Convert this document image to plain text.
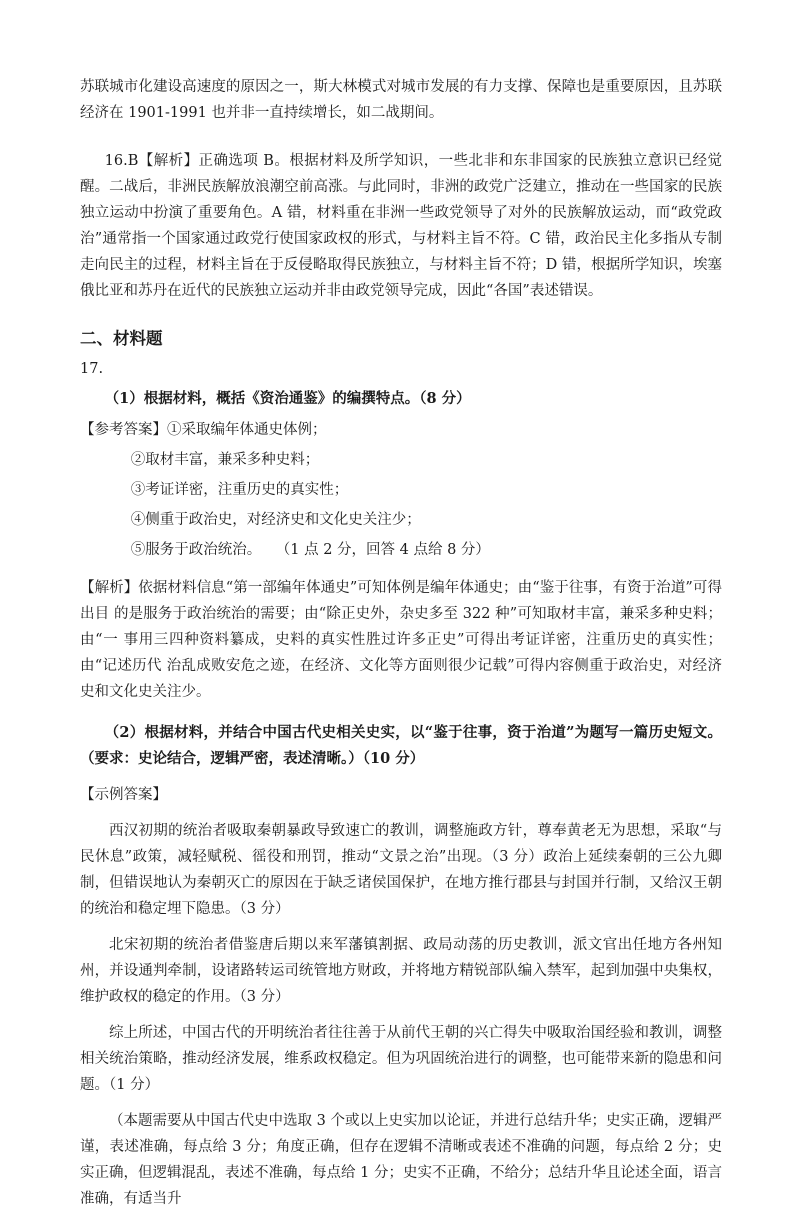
苏联城市化建设高速度的原因之一，斯大林模式对城市发展的有力支撑、保障也是重要原因，且苏联经济在 1901-1991 也并非一直持续增长，如二战期间。

16.B【解析】正确选项 B。根据材料及所学知识，一些北非和东非国家的民族独立意识已经觉醒。二战后，非洲民族解放浪潮空前高涨。与此同时，非洲的政党广泛建立，推动在一些国家的民族独立运动中扮演了重要角色。A 错，材料重在非洲一些政党领导了对外的民族解放运动，而“政党政治”通常指一个国家通过政党行使国家政权的形式，与材料主旨不符。C 错，政治民主化多指从专制走向民主的过程，材料主旨在于反侵略取得民族独立，与材料主旨不符；D 错，根据所学知识，埃塞俄比亚和苏丹在近代的民族独立运动并非由政党领导完成，因此“各国”表述错误。

二、材料题

17.

（1）根据材料，概括《资治通鉴》的编撰特点。（8 分）

【参考答案】①采取编年体通史体例；

②取材丰富，兼采多种史料；

③考证详密，注重历史的真实性；

④侧重于政治史，对经济史和文化史关注少；

⑤服务于政治统治。　　（1 点 2 分，回答 4 点给 8 分）

【解析】依据材料信息“第一部编年体通史”可知体例是编年体通史；由“鉴于往事，有资于治道”可得 出目 的是服务于政治统治的需要；由“除正史外，杂史多至 322 种”可知取材丰富，兼采多种史料；由“一 事用三四种资料纂成，史料的真实性胜过许多正史”可得出考证详密，注重历史的真实性； 由“记述历代 治乱成败安危之迹，在经济、文化等方面则很少记载”可得内容侧重于政治史，对经济史和文化史关注少。

（2）根据材料，并结合中国古代史相关史实，以“鉴于往事，资于治道”为题写一篇历史短文。（要求：史论结合，逻辑严密，表述清晰。）（10 分）

【示例答案】

西汉初期的统治者吸取秦朝暴政导致速亡的教训，调整施政方针，尊奉黄老无为思想，采取“与民休息”政策，减轻赋税、徭役和刑罚，推动“文景之治”出现。（3 分）政治上延续秦朝的三公九卿制，但错误地认为秦朝灭亡的原因在于缺乏诸侯国保护，在地方推行郡县与封国并行制，又给汉王朝的统治和稳定埋下隐患。（3 分）

北宋初期的统治者借鉴唐后期以来军藩镇割据、政局动荡的历史教训，派文官出任地方各州知州，并设通判牵制，设诸路转运司统管地方财政，并将地方精锐部队编入禁军，起到加强中央集权，维护政权的稳定的作用。（3 分）

综上所述，中国古代的开明统治者往往善于从前代王朝的兴亡得失中吸取治国经验和教训，调整相关统治策略，推动经济发展，维系政权稳定。但为巩固统治进行的调整，也可能带来新的隐患和问题。（1 分）

（本题需要从中国古代史中选取 3 个或以上史实加以论证，并进行总结升华；史实正确，逻辑严谨，表述准确，每点给 3 分；角度正确，但存在逻辑不清晰或表述不准确的问题，每点给 2 分；史实正确，但逻辑混乱，表述不准确，每点给 1 分；史实不正确，不给分；总结升华且论述全面，语言准确，有适当升
